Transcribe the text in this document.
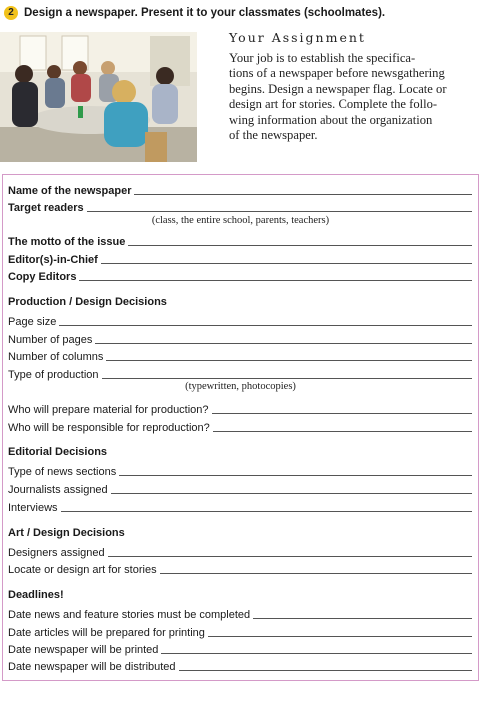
2 Design a newspaper. Present it to your classmates (schoolmates).
Your Assignment
Your job is to establish the specifica-
tions of a newspaper before newsgathering
begins. Design a newspaper flag. Locate or
design art for stories. Complete the follo-
wing information about the organization
of the newspaper.
Name of the newspaper
Target readers
(class, the entire school, parents, teachers)
The motto of the issue
Editor(s)-in-Chief
Copy Editors
Production / Design Decisions
Page size
Number of pages
Number of columns
Type of production
(typewritten, photocopies)
Who will prepare material for production?
Who will be responsible for reproduction?
Editorial Decisions
Type of news sections
Journalists assigned
Interviews
Art / Design Decisions
Designers assigned
Locate or design art for stories
Deadlines!
Date news and feature stories must be completed
Date articles will be prepared for printing
Date newspaper will be printed
Date newspaper will be distributed
